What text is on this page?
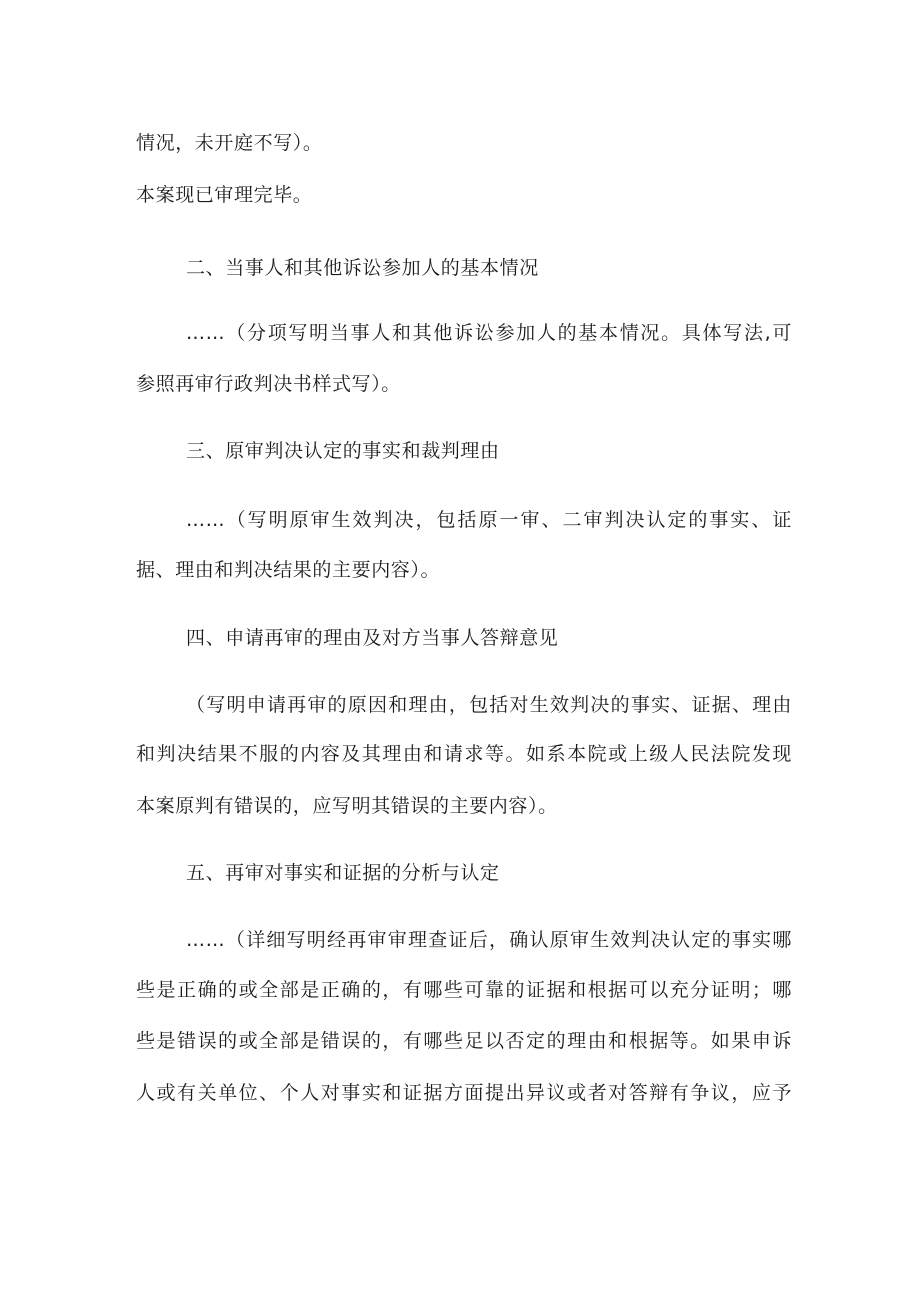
情况，未开庭不写）。
本案现已审理完毕。
二、当事人和其他诉讼参加人的基本情况
……（分项写明当事人和其他诉讼参加人的基本情况。具体写法,可
参照再审行政判决书样式写）。
三、原审判决认定的事实和裁判理由
……（写明原审生效判决，包括原一审、二审判决认定的事实、证
据、理由和判决结果的主要内容）。
四、申请再审的理由及对方当事人答辩意见
（写明申请再审的原因和理由，包括对生效判决的事实、证据、理由
和判决结果不服的内容及其理由和请求等。如系本院或上级人民法院发现
本案原判有错误的，应写明其错误的主要内容）。
五、再审对事实和证据的分析与认定
……（详细写明经再审审理查证后，确认原审生效判决认定的事实哪
些是正确的或全部是正确的，有哪些可靠的证据和根据可以充分证明；哪
些是错误的或全部是错误的，有哪些足以否定的理由和根据等。如果申诉
人或有关单位、个人对事实和证据方面提出异议或者对答辩有争议，应予
